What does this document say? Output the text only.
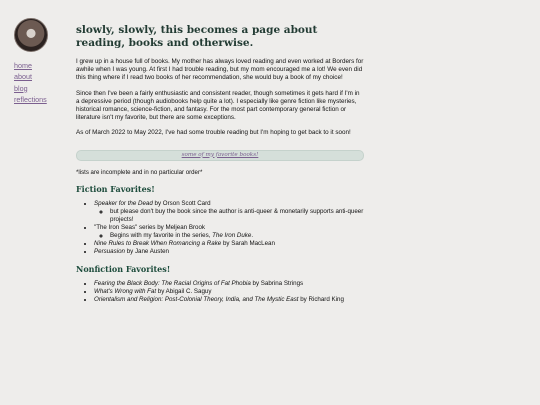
home
about
blog
reflections
slowly, slowly, this becomes a page about reading, books and otherwise.

I grew up in a house full of books. My mother has always loved reading and even worked at Borders for awhile when I was young. At first I had trouble reading, but my mom encouraged me a lot! We even did this thing where if I read two books of her recommendation, she would buy a book of my choice!

Since then I've been a fairly enthusiastic and consistent reader, though sometimes it gets hard if I'm in a depressive period (though audiobooks help quite a lot). I especially like genre fiction like mysteries, historical romance, science-fiction, and fantasy. For the most part contemporary general fiction or literature isn't my favorite, but there are some exceptions.

As of March 2022 to May 2022, I've had some trouble reading but I'm hoping to get back to it soon!

some of my favorite books!
*lists are incomplete and in no particular order*
Fiction Favorites!
• Speaker for the Dead by Orson Scott Card
◦ but please don't buy the book since the author is anti-queer & monetarily supports anti-queer projects!
• "The Iron Seas" series by Meljean Brook
◦ Begins with my favorite in the series, The Iron Duke.
• Nine Rules to Break When Romancing a Rake by Sarah MacLean
• Persuasion by Jane Austen
Nonfiction Favorites!
• Fearing the Black Body: The Racial Origins of Fat Phobia by Sabrina Strings
• What's Wrong with Fat by Abigail C. Saguy
• Orientalism and Religion: Post-Colonial Theory, India, and The Mystic East by Richard King
